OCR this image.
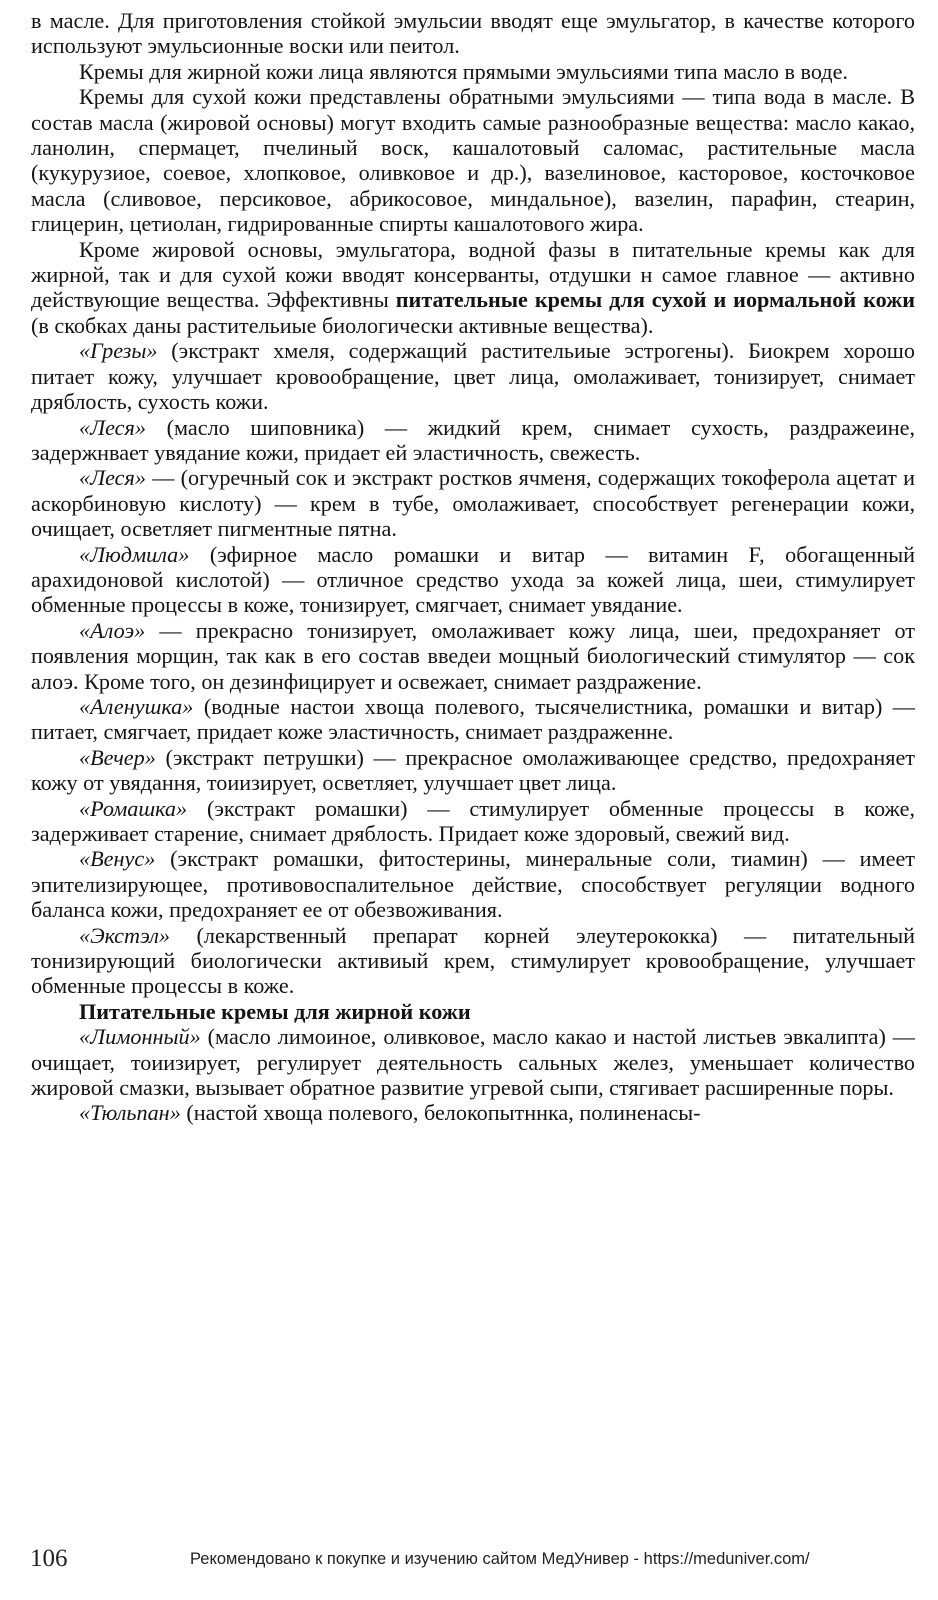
в масле. Для приготовления стойкой эмульсии вводят еще эмульгатор, в качестве которого используют эмульсионные воски или пеитол.

Кремы для жирной кожи лица являются прямыми эмульсиями типа масло в воде.

Кремы для сухой кожи представлены обратными эмульсиями — типа вода в масле. В состав масла (жировой основы) могут входить самые разнообразные вещества: масло какао, ланолин, спермацет, пчелиный воск, кашалотовый саломас, растительные масла (кукурузиое, соевое, хлопковое, оливковое и др.), вазелиновое, касторовое, косточковое масла (сливовое, персиковое, абрикосовое, миндальное), вазелин, парафин, стеарин, глицерин, цетиолан, гидрированные спирты кашалотового жира.

Кроме жировой основы, эмульгатора, водной фазы в питательные кремы как для жирной, так и для сухой кожи вводят консерванты, отдушки н самое главное — активно действующие вещества. Эффективны питательные кремы для сухой и иормальной кожи (в скобках даны растительиые биологически активные вещества).

«Грезы» (экстракт хмеля, содержащий растительиые эстрогены). Биокрем хорошо питает кожу, улучшает кровообращение, цвет лица, омолаживает, тонизирует, снимает дряблость, сухость кожи.

«Леся» (масло шиповника) — жидкий крем, снимает сухость, раздражеине, задержнвает увядание кожи, придает ей эластичность, свежесть.

«Леся» — (огуречный сок и экстракт ростков ячменя, содержащих токоферола ацетат и аскорбиновую кислоту) — крем в тубе, омолаживает, способствует регенерации кожи, очищает, осветляет пигментные пятна.

«Людмила» (эфирное масло ромашки и витар — витамин F, обогащенный арахидоновой кислотой) — отличное средство ухода за кожей лица, шеи, стимулирует обменные процессы в коже, тонизирует, смягчает, снимает увядание.

«Алоэ» — прекрасно тонизирует, омолаживает кожу лица, шеи, предохраняет от появления морщин, так как в его состав введеи мощный биологический стимулятор — сок алоэ. Кроме того, он дезинфицирует и освежает, снимает раздражение.

«Аленушка» (водные настои хвоща полевого, тысячелистника, ромашки и витар) — питает, смягчает, придает коже эластичность, снимает раздраженне.

«Вечер» (экстракт петрушки) — прекрасное омолаживающее средство, предохраняет кожу от увядання, тоиизирует, осветляет, улучшает цвет лица.

«Ромашка» (экстракт ромашки) — стимулирует обменные процессы в коже, задерживает старение, снимает дряблость. Придает коже здоровый, свежий вид.

«Венус» (экстракт ромашки, фитостерины, минеральные соли, тиамин) — имеет эпителизирующее, противовоспалительное действие, способствует регуляции водного баланса кожи, предохраняет ее от обезвоживания.

«Экстэл» (лекарственный препарат корней элеутерококка) — питательный тонизирующий биологически активиый крем, стимулирует кровообращение, улучшает обменные процессы в коже.

Питательные кремы для жирной кожи

«Лимонный» (масло лимоиное, оливковое, масло какао и настой листьев эвкалипта) — очищает, тоиизирует, регулирует деятельность сальных желез, уменьшает количество жировой смазки, вызывает обратное развитие угревой сыпи, стягивает расширенные поры.

«Тюльпан» (настой хвоща полевого, белокопытннка, полиненасы-

106	Рекомендовано к покупке и изучению сайтом МедУнивер - https://meduniver.com/
